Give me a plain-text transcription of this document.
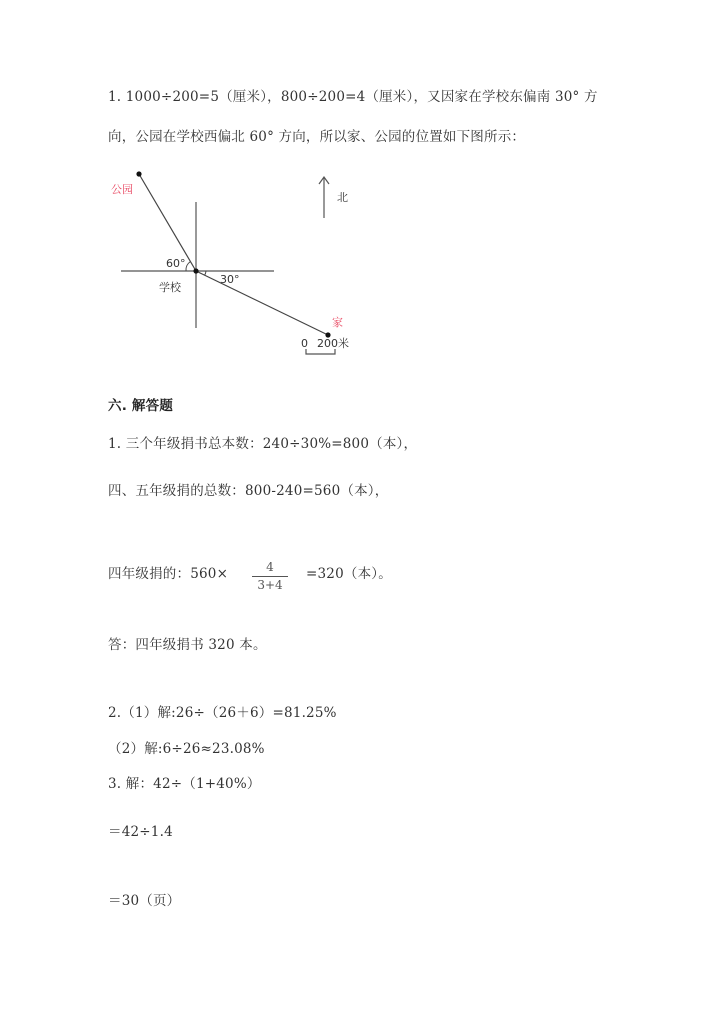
1. 1000÷200=5（厘米），800÷200=4（厘米），又因家在学校东偏南 30° 方
向，公园在学校西偏北 60° 方向，所以家、公园的位置如下图所示：
公园
60°
30°
学校
北
家
0 200米
六. 解答题
1. 三个年级捐书总本数：240÷30%=800（本），
四、五年级捐的总数：800-240=560（本），
四年级捐的：560×	4
3+4
=320（本）。
答：四年级捐书 320 本。
2.（1）解:26÷（26＋6）=81.25%
（2）解:6÷26≈23.08%
3. 解：42÷（1+40%）
＝42÷1.4
＝30（页）
